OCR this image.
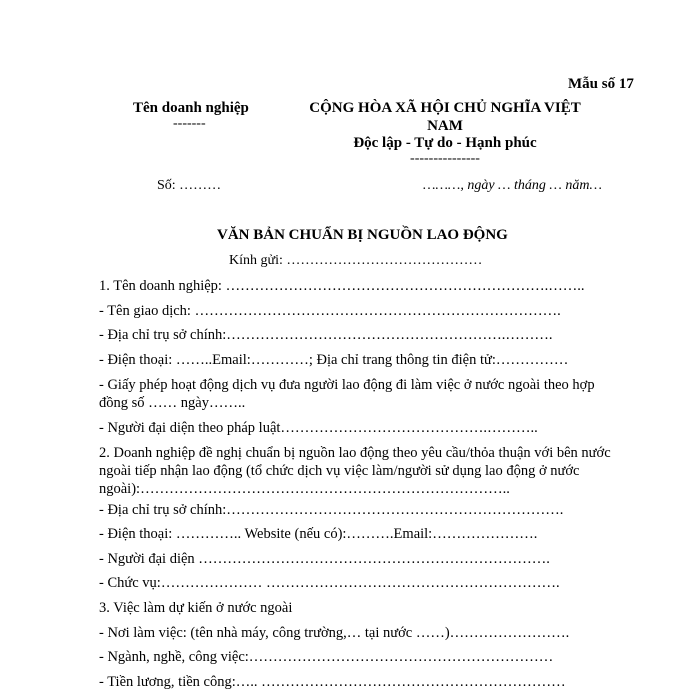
Mẫu số 17
Tên doanh nghiệp
-------
CỘNG HÒA XÃ HỘI CHỦ NGHĨA VIỆT
NAM
Độc lập - Tự do - Hạnh phúc
---------------
Số: ………	………, ngày … tháng … năm…
VĂN BẢN CHUẨN BỊ NGUỒN LAO ĐỘNG
Kính gửi: ……………………………………
1. Tên doanh nghiệp: ………………………………………………………….……..
- Tên giao dịch: ………………………………………………………………….
- Địa chỉ trụ sở chính:………………………………………………….……….
- Điện thoại: ……..Email:…………; Địa chỉ trang thông tin điện tử:……………
- Giấy phép hoạt động dịch vụ đưa người lao động đi làm việc ở nước ngoài theo hợp đồng số …… ngày……..
- Người đại diện theo pháp luật…………………………………….………..
2. Doanh nghiệp đề nghị chuẩn bị nguồn lao động theo yêu cầu/thỏa thuận với bên nước ngoài tiếp nhận lao động (tổ chức dịch vụ việc làm/người sử dụng lao động ở nước ngoài):…………………………………………………………………..
- Địa chỉ trụ sở chính:…………………………………………………………….
- Điện thoại: ………….. Website (nếu có):……….Email:………………….
- Người đại diện ……………………………………………………………….
- Chức vụ:………………… …………………………………………………….
3. Việc làm dự kiến ở nước ngoài
- Nơi làm việc: (tên nhà máy, công trường,… tại nước ……)…………………….
- Ngành, nghề, công việc:………………………………………………………
- Tiền lương, tiền công:….. ………………………………………………………
